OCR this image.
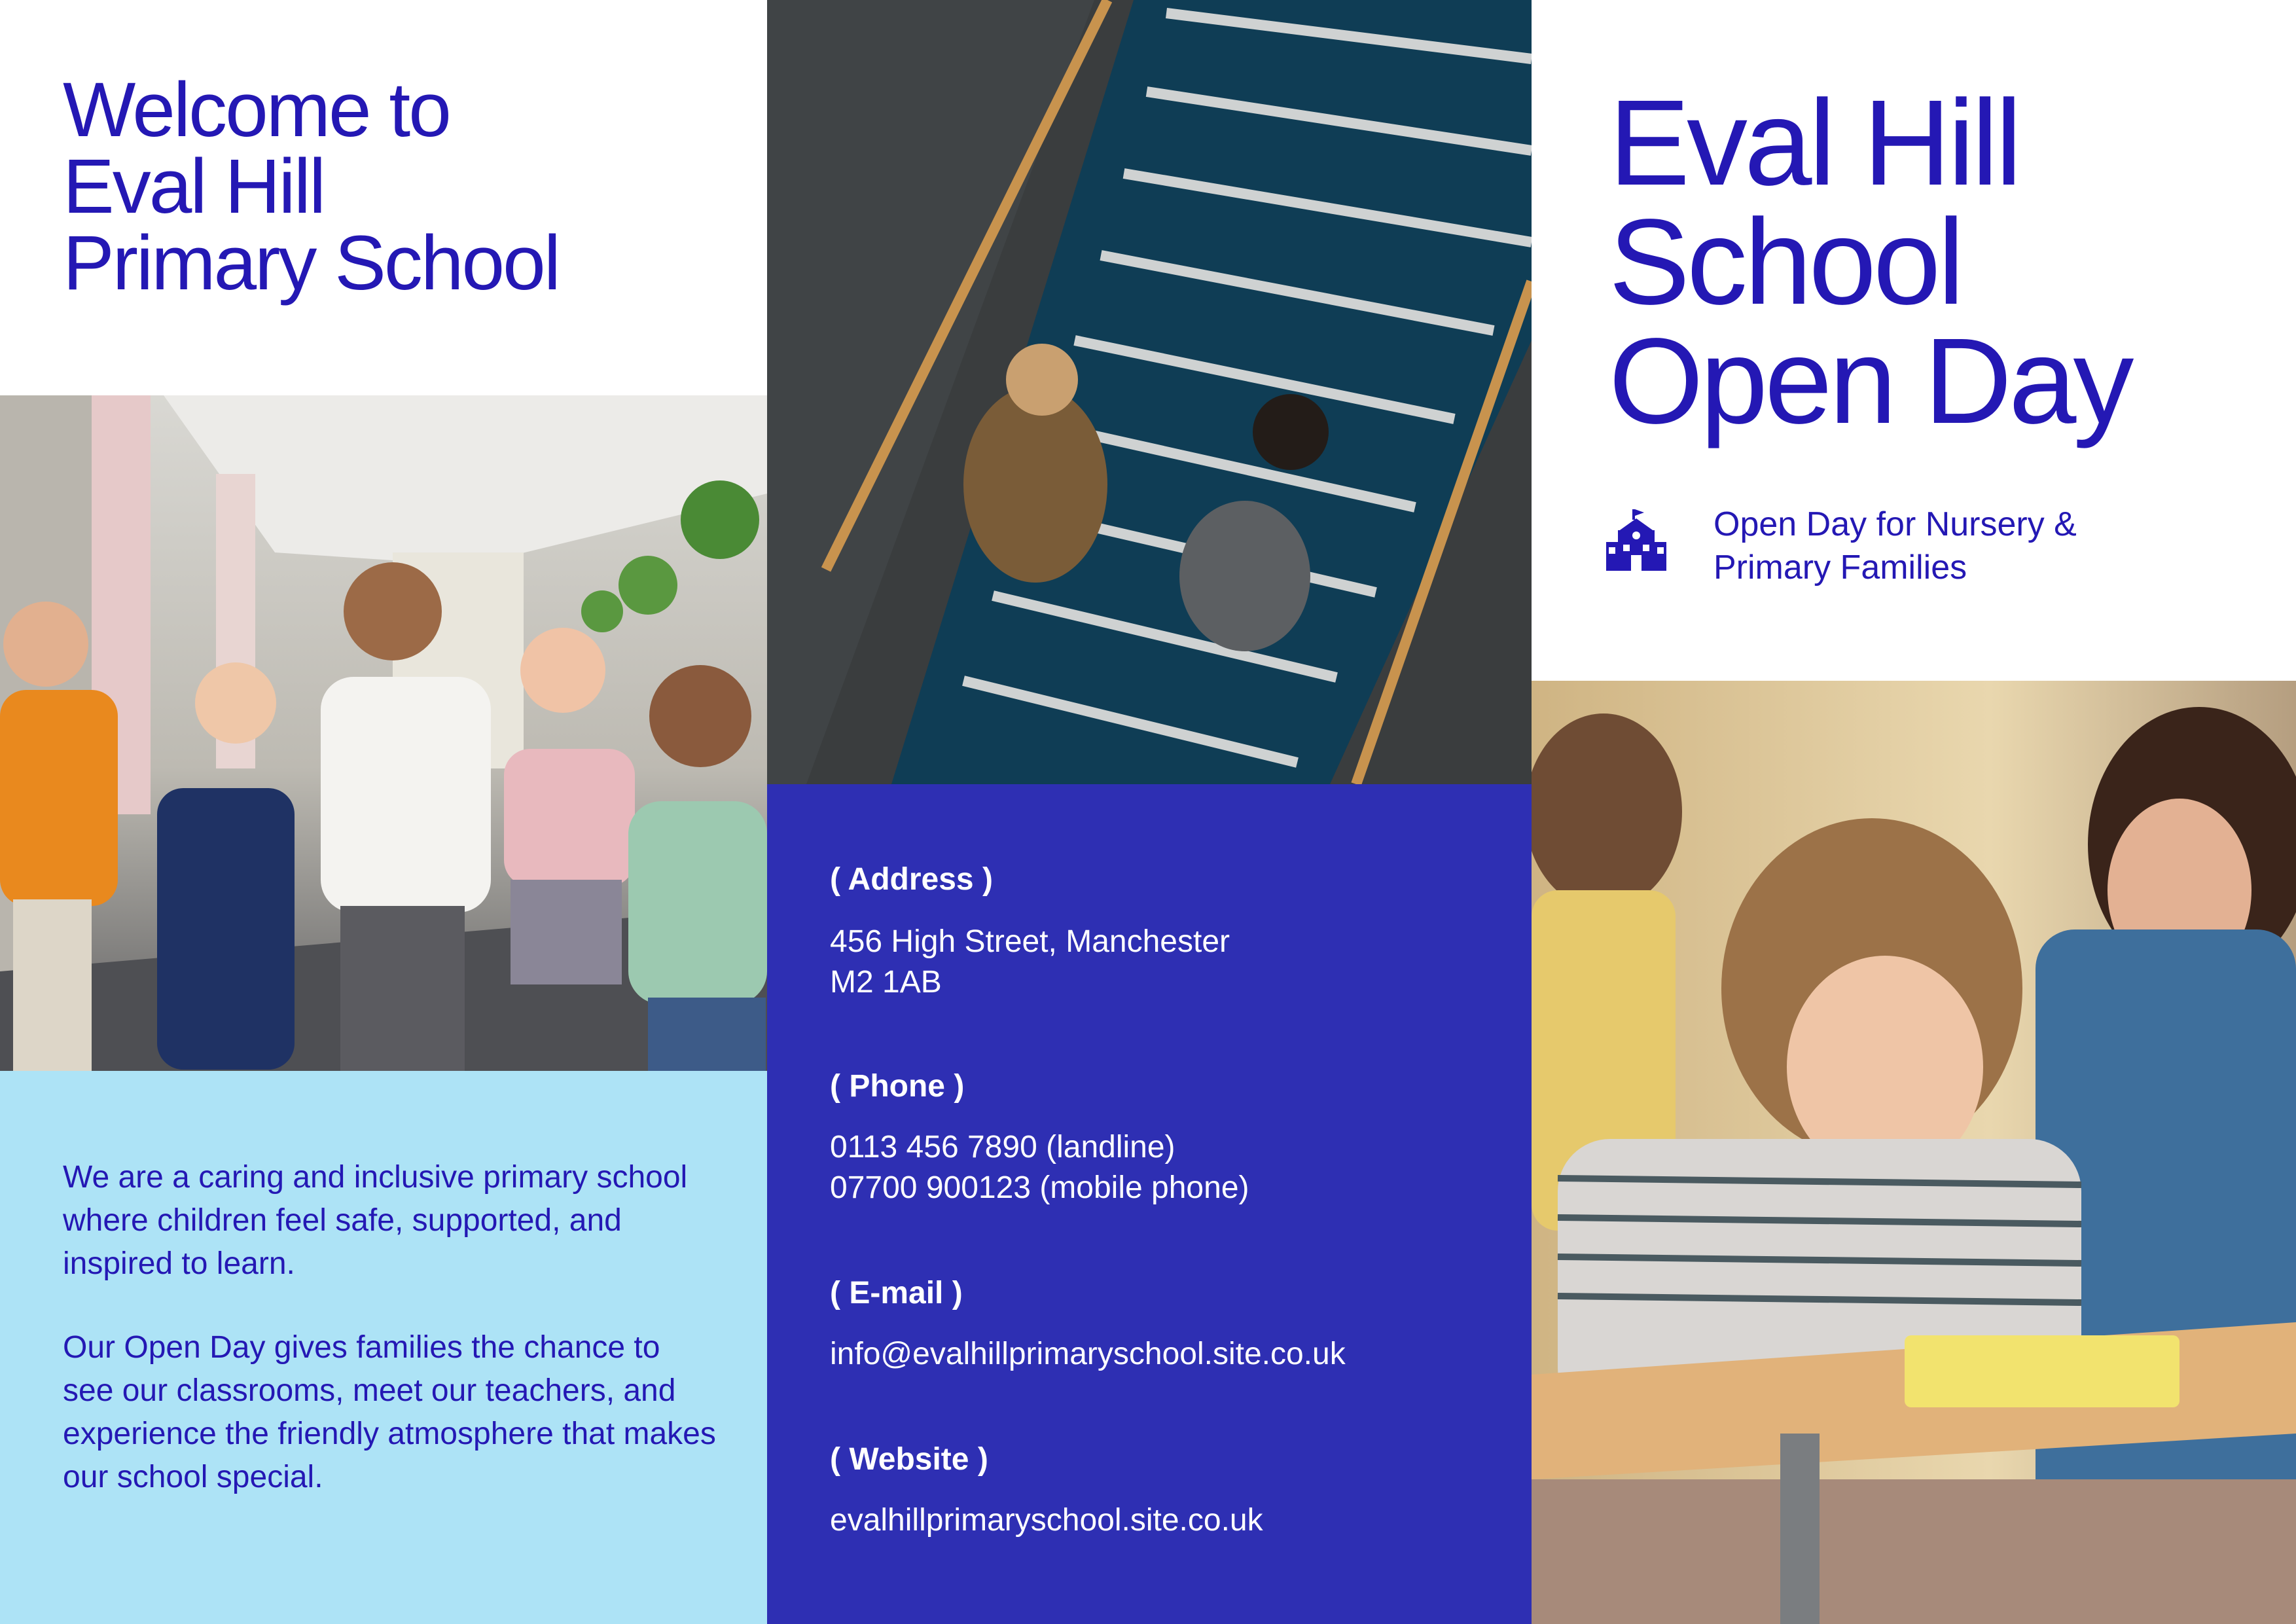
Welcome to
Eval Hill
Primary School

We are a caring and inclusive primary school where children feel safe, supported, and inspired to learn.

Our Open Day gives families the chance to see our classrooms, meet our teachers, and experience the friendly atmosphere that makes our school special.

( Address )

456 High Street, Manchester
M2 1AB

( Phone )

0113 456 7890 (landline)
07700 900123 (mobile phone)

( E-mail )

info@evalhillprimaryschool.site.co.uk

( Website )

evalhillprimaryschool.site.co.uk

Eval Hill
School
Open Day

Open Day for Nursery &
Primary Families
